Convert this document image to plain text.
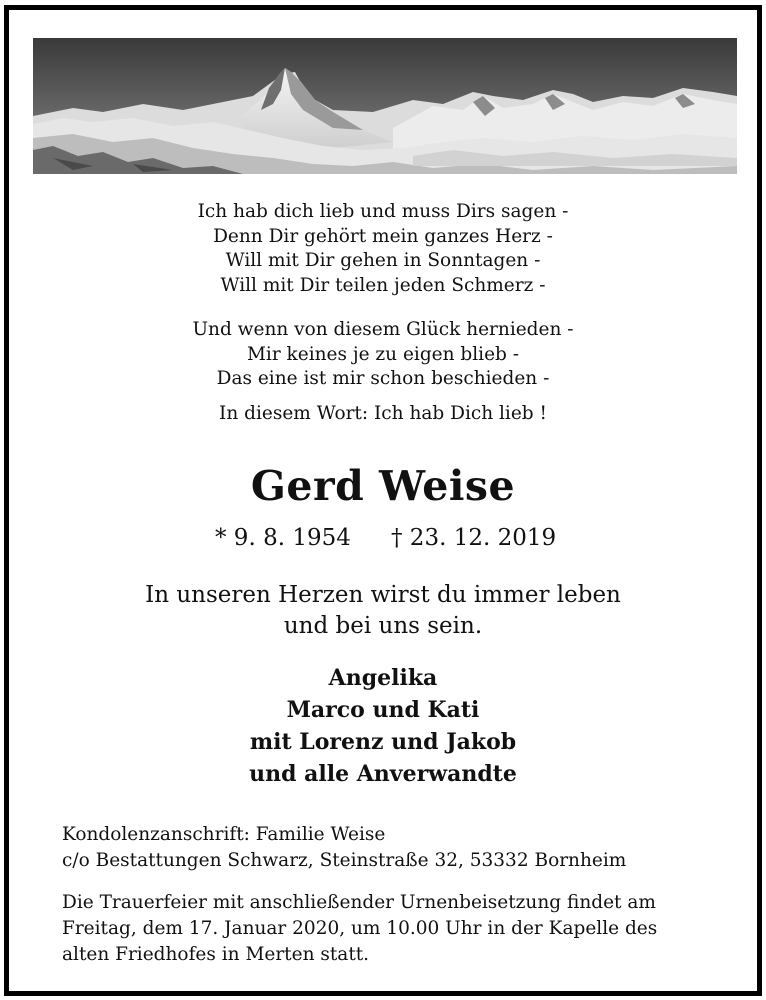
Ich hab dich lieb und muss Dirs sagen -
Denn Dir gehört mein ganzes Herz -
Will mit Dir gehen in Sonntagen -
Will mit Dir teilen jeden Schmerz -
Und wenn von diesem Glück hernieden -
Mir keines je zu eigen blieb -
Das eine ist mir schon beschieden -
In diesem Wort: Ich hab Dich lieb !
Gerd Weise
* 9. 8. 1954 † 23. 12. 2019
In unseren Herzen wirst du immer leben
und bei uns sein.
Angelika
Marco und Kati
mit Lorenz und Jakob
und alle Anverwandte
Kondolenzanschrift: Familie Weise
c/o Bestattungen Schwarz, Steinstraße 32, 53332 Bornheim
Die Trauerfeier mit anschließender Urnenbeisetzung findet am
Freitag, dem 17. Januar 2020, um 10.00 Uhr in der Kapelle des
alten Friedhofes in Merten statt.
